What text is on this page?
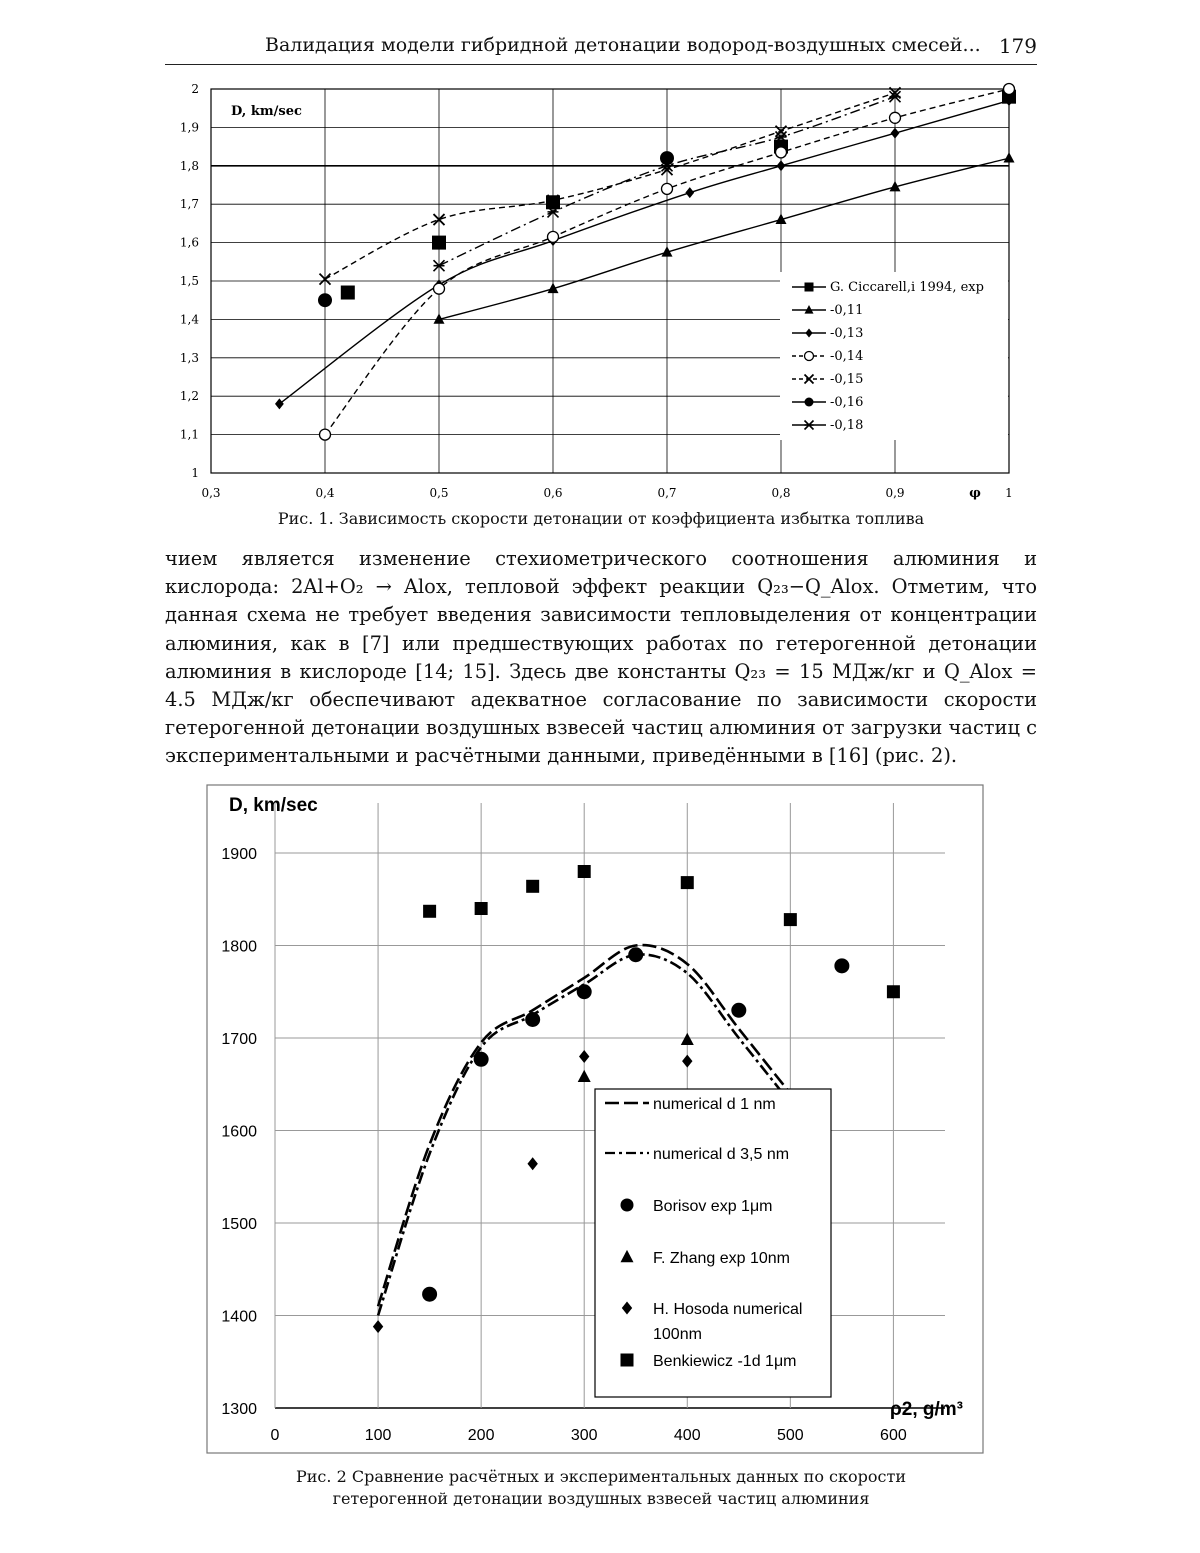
Валидация модели гибридной детонации водород-воздушных смесей... 179
1
1,1
1,2
1,3
1,4
1,5
1,6
1,7
1,8
1,9
2
0,3	0,4	0,5	0,6	0,7	0,8	0,9	1
φ
D, km/sec
G. Ciccarell,i 1994, exp
-0,11
-0,13
-0,14
-0,15
-0,16
-0,18
Рис. 1. Зависимость скорости детонации от коэффициента избытка топлива

чием является изменение стехиометрического соотношения алюминия и кислорода: 2Al+O₂ → Alox, тепловой эффект реакции Q₂₃−Q_Alox. Отметим, что данная схема не требует введения зависимости тепловыделения от концентрации алюминия, как в [7] или предшествующих работах по гетерогенной детонации алюминия в кислороде [14; 15]. Здесь две константы Q₂₃ = 15 МДж/кг и Q_Alox = 4.5 МДж/кг обеспечивают адекватное согласование по зависимости скорости гетерогенной детонации воздушных взвесей частиц алюминия от загрузки частиц с экспериментальными и расчётными данными, приведёнными в [16] (рис. 2).

1300
1400
1500
1600
1700
1800
1900
0	100	200	300	400	500	600
D, km/sec
ρ2, g/m³
numerical d 1 nm
numerical d 3,5 nm
Borisov exp 1μm
F. Zhang exp 10nm
H. Hosoda numerical
100nm
Benkiewicz -1d 1μm
Рис. 2 Сравнение расчётных и экспериментальных данных по скорости
гетерогенной детонации воздушных взвесей частиц алюминия
